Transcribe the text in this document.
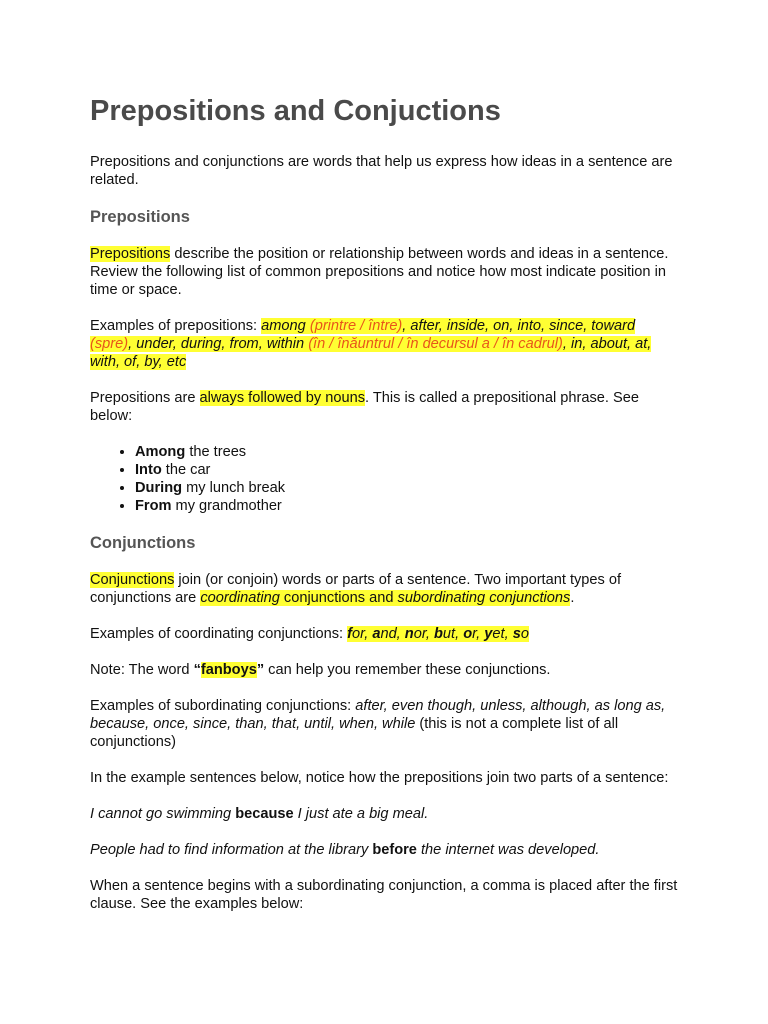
Prepositions and Conjuctions

Prepositions and conjunctions are words that help us express how ideas in a sentence are related.

Prepositions

Prepositions describe the position or relationship between words and ideas in a sentence. Review the following list of common prepositions and notice how most indicate position in time or space.

Examples of prepositions: among (printre / între), after, inside, on, into, since, toward (spre), under, during, from, within (în / înăuntrul / în decursul a / în cadrul), in, about, at, with, of, by, etc

Prepositions are always followed by nouns. This is called a prepositional phrase. See below:

• Among the trees
• Into the car
• During my lunch break
• From my grandmother
Conjunctions

Conjunctions join (or conjoin) words or parts of a sentence. Two important types of conjunctions are coordinating conjunctions and subordinating conjunctions.

Examples of coordinating conjunctions: for, and, nor, but, or, yet, so

Note: The word “fanboys” can help you remember these conjunctions.

Examples of subordinating conjunctions: after, even though, unless, although, as long as, because, once, since, than, that, until, when, while (this is not a complete list of all conjunctions)

In the example sentences below, notice how the prepositions join two parts of a sentence:

I cannot go swimming because I just ate a big meal.

People had to find information at the library before the internet was developed.

When a sentence begins with a subordinating conjunction, a comma is placed after the first clause. See the examples below:
